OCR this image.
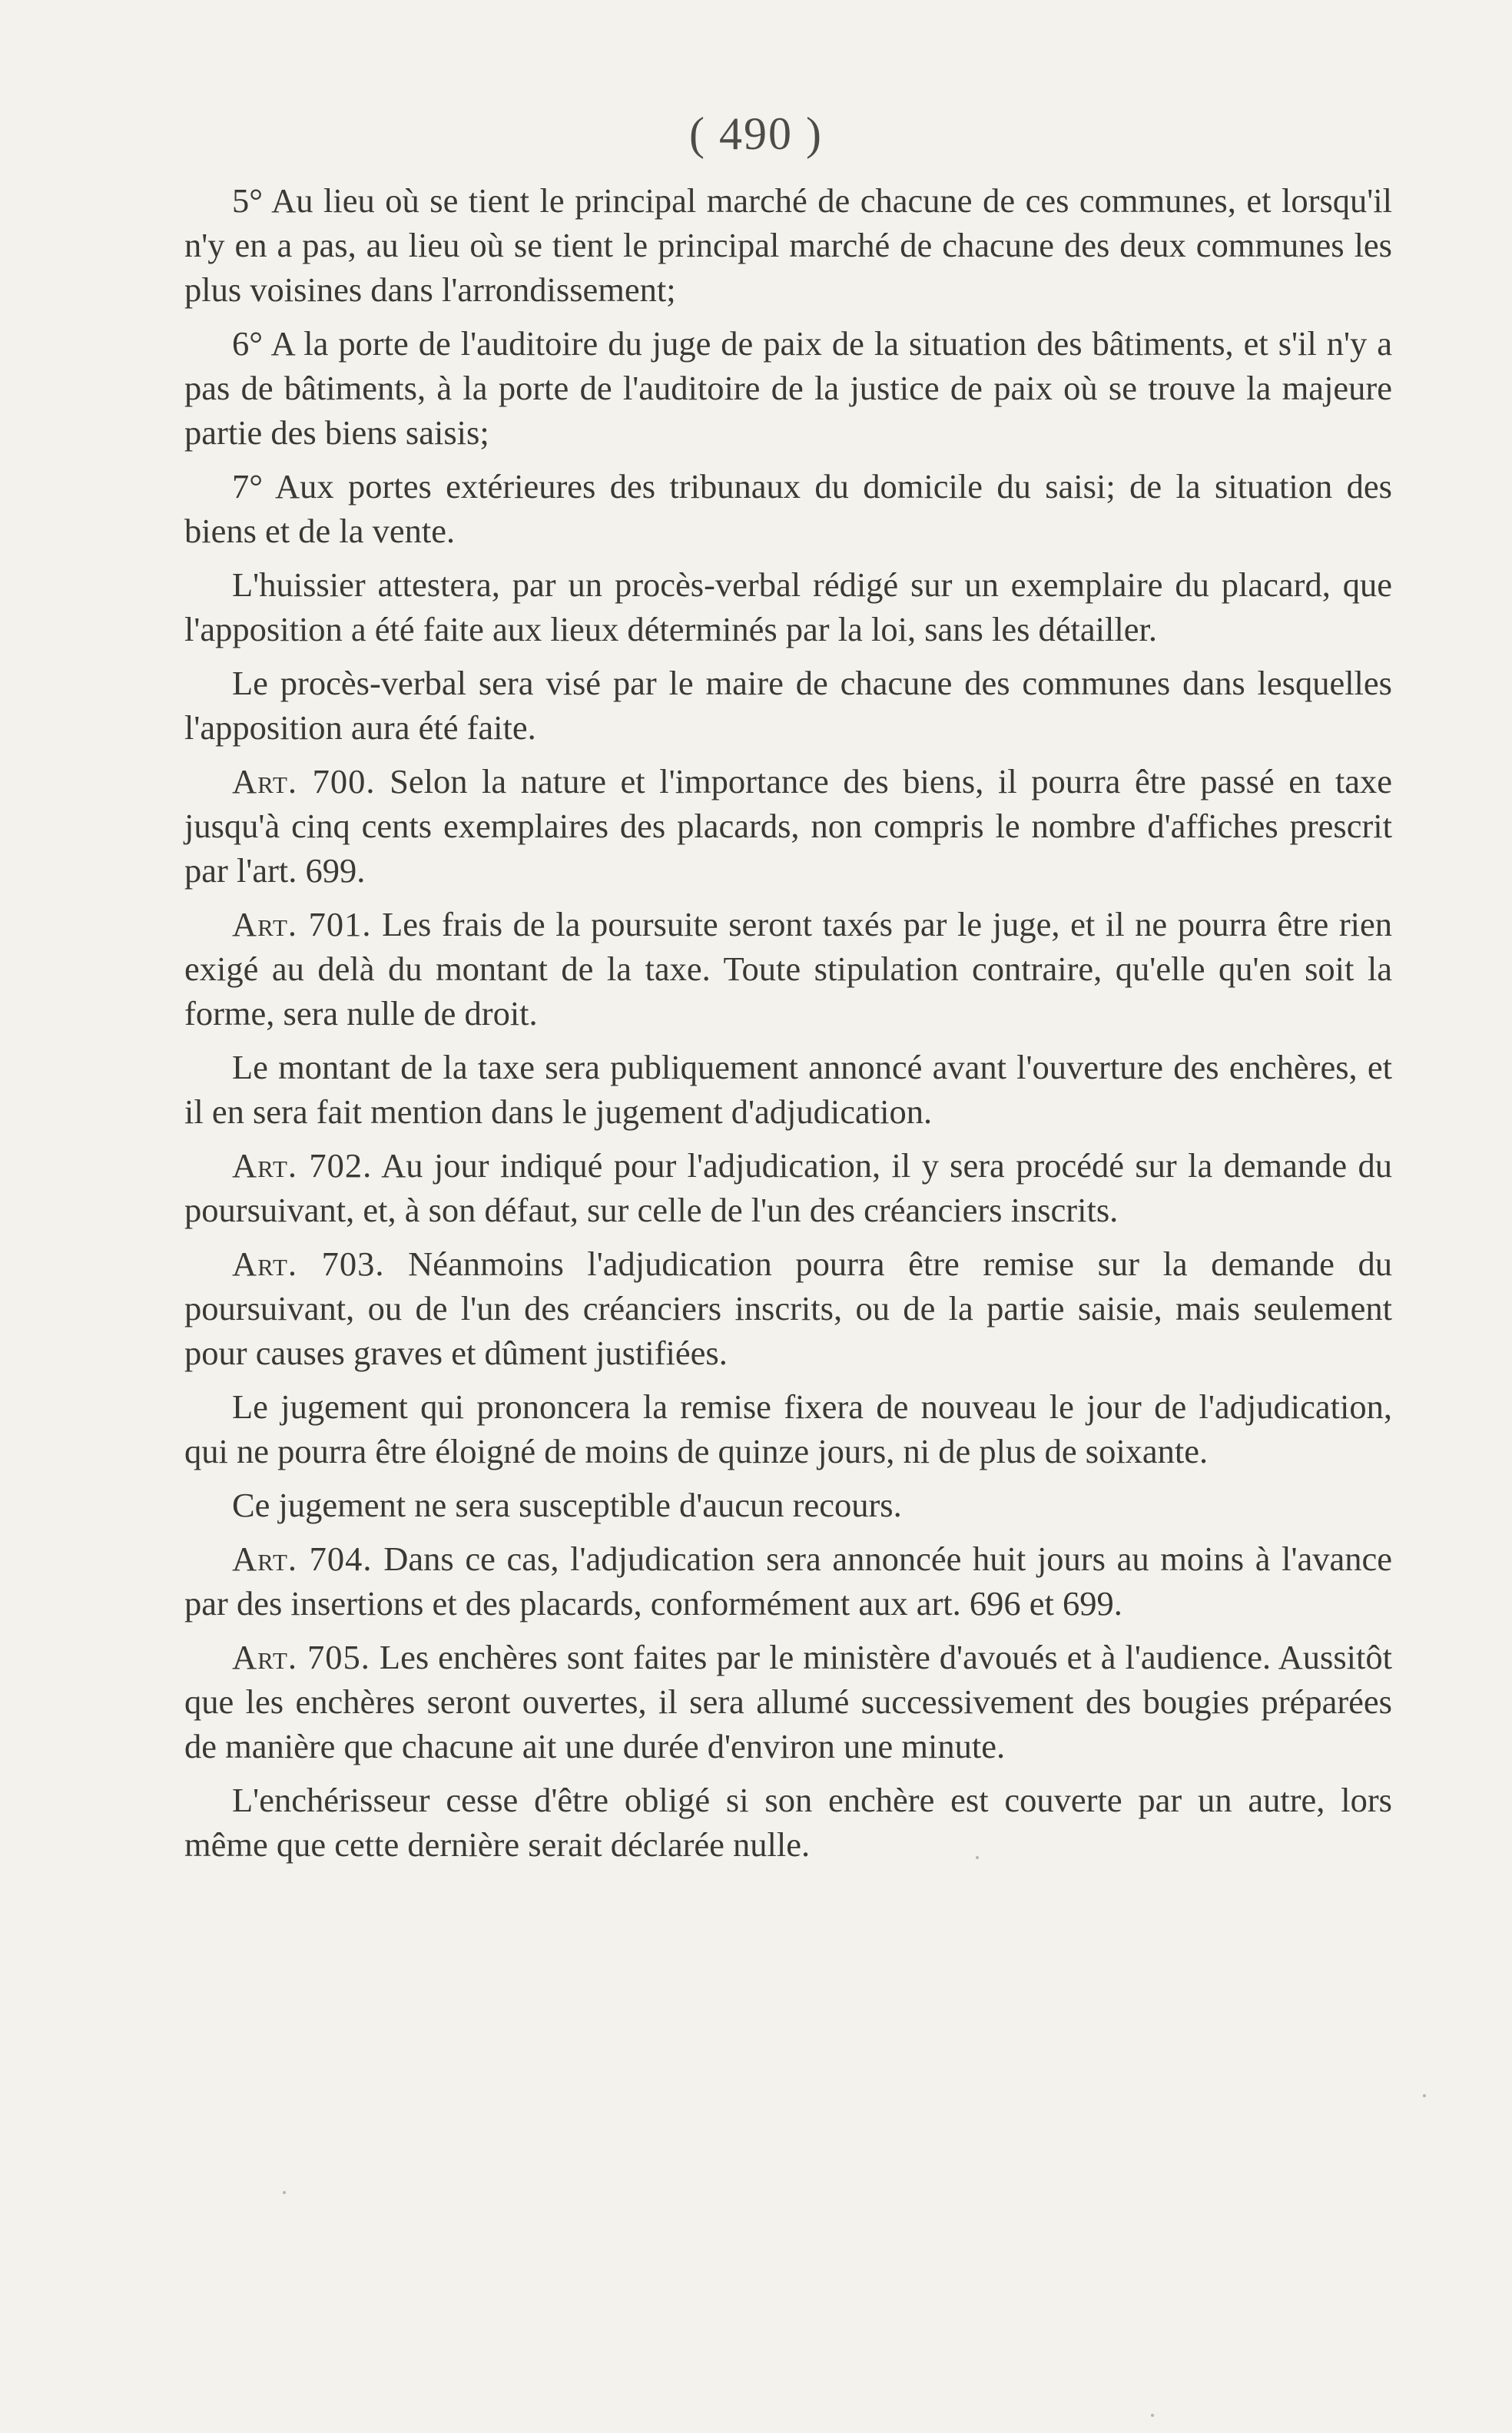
( 490 )

5° Au lieu où se tient le principal marché de chacune de ces communes, et lorsqu'il n'y en a pas, au lieu où se tient le principal marché de chacune des deux communes les plus voisines dans l'arrondissement;

6° A la porte de l'auditoire du juge de paix de la situation des bâtiments, et s'il n'y a pas de bâtiments, à la porte de l'auditoire de la justice de paix où se trouve la majeure partie des biens saisis;

7° Aux portes extérieures des tribunaux du domicile du saisi; de la situation des biens et de la vente.

L'huissier attestera, par un procès-verbal rédigé sur un exemplaire du placard, que l'apposition a été faite aux lieux déterminés par la loi, sans les détailler.

Le procès-verbal sera visé par le maire de chacune des communes dans lesquelles l'apposition aura été faite.

Art. 700. Selon la nature et l'importance des biens, il pourra être passé en taxe jusqu'à cinq cents exemplaires des placards, non compris le nombre d'affiches prescrit par l'art. 699.

Art. 701. Les frais de la poursuite seront taxés par le juge, et il ne pourra être rien exigé au delà du montant de la taxe. Toute stipulation contraire, qu'elle qu'en soit la forme, sera nulle de droit.

Le montant de la taxe sera publiquement annoncé avant l'ouverture des enchères, et il en sera fait mention dans le jugement d'adjudication.

Art. 702. Au jour indiqué pour l'adjudication, il y sera procédé sur la demande du poursuivant, et, à son défaut, sur celle de l'un des créanciers inscrits.

Art. 703. Néanmoins l'adjudication pourra être remise sur la demande du poursuivant, ou de l'un des créanciers inscrits, ou de la partie saisie, mais seulement pour causes graves et dûment justifiées.

Le jugement qui prononcera la remise fixera de nouveau le jour de l'adjudication, qui ne pourra être éloigné de moins de quinze jours, ni de plus de soixante.

Ce jugement ne sera susceptible d'aucun recours.

Art. 704. Dans ce cas, l'adjudication sera annoncée huit jours au moins à l'avance par des insertions et des placards, conformément aux art. 696 et 699.

Art. 705. Les enchères sont faites par le ministère d'avoués et à l'audience. Aussitôt que les enchères seront ouvertes, il sera allumé successivement des bougies préparées de manière que chacune ait une durée d'environ une minute.

L'enchérisseur cesse d'être obligé si son enchère est couverte par un autre, lors même que cette dernière serait déclarée nulle.
